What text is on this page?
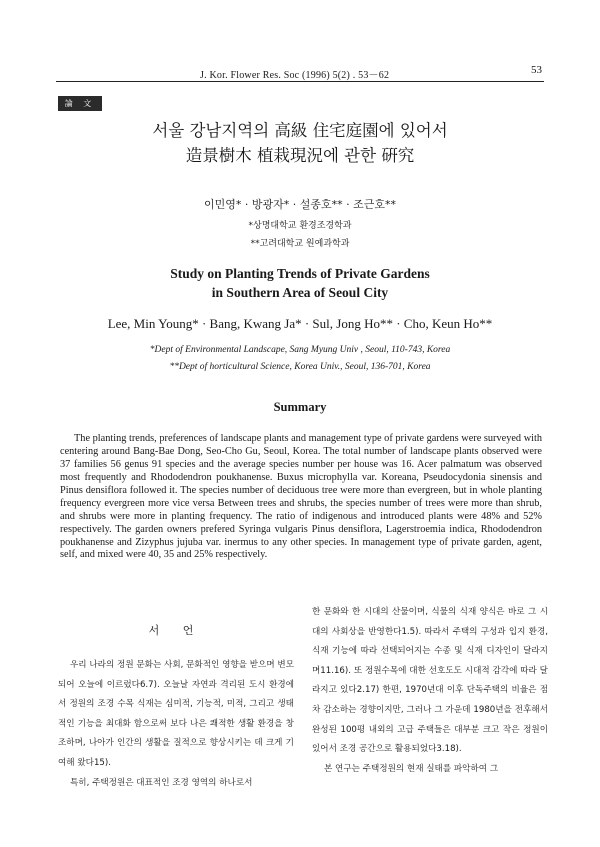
J. Kor. Flower Res. Soc (1996) 5(2) . 53－62	53
論 文
서울 강남지역의 高級 住宅庭園에 있어서
造景樹木 植栽現況에 관한 硏究
이민영* · 방광자* · 설종호** · 조근호**
*상명대학교 환경조경학과
**고려대학교 원예과학과
Study on Planting Trends of Private Gardens
in Southern Area of Seoul City
Lee, Min Young* · Bang, Kwang Ja* · Sul, Jong Ho** · Cho, Keun Ho**
*Dept of Environmental Landscape, Sang Myung Univ , Seoul, 110-743, Korea
**Dept of horticultural Science, Korea Univ., Seoul, 136-701, Korea
Summary

The planting trends, preferences of landscape plants and management type of private gardens were surveyed with centering around Bang-Bae Dong, Seo-Cho Gu, Seoul, Korea. The total number of landscape plants observed were 37 families 56 genus 91 species and the average species number per house was 16. Acer palmatum was observed most frequently and Rhododendron poukhanense. Buxus microphylla var. Koreana, Pseudocydonia sinensis and Pinus densiflora followed it. The species number of deciduous tree were more than evergreen, but in whole planting frequency evergreen more vice versa Between trees and shrubs, the species number of trees were more than shrub, and shrubs were more in planting frequency. The ratio of indigenous and introduced plants were 48% and 52% respectively. The garden owners prefered Syringa vulgaris Pinus densiflora, Lagerstroemia indica, Rhododendron poukhanense and Zizyphus jujuba var. inermus to any other species. In management type of private garden, agent, self, and mixed were 40, 35 and 25% respectively.

서 언

우리 나라의 정원 문화는 사회, 문화적인 영향을 받으며 변모되어 오늘에 이르렀다6.7). 오늘날 자연과 격리된 도시 환경에서 정원의 조경 수목 식재는 심미적, 기능적, 미적, 그리고 생태적인 기능을 최대화 함으로써 보다 나은 쾌적한 생활 환경을 창조하며, 나아가 인간의 생활을 질적으로 향상시키는 데 크게 기여해 왔다15).

특히, 주택정원은 대표적인 조경 영역의 하나로서

한 문화와 한 시대의 산물이며, 식물의 식재 양식은 바로 그 시대의 사회상을 반영한다1.5). 따라서 주택의 구성과 입지 환경, 식재 기능에 따라 선택되어지는 수종 및 식재 디자인이 달라지며11.16). 또 정원수목에 대한 선호도도 시대적 감각에 따라 달라지고 있다2.17) 한편, 1970년대 이후 단독주택의 비율은 점차 감소하는 경향이지만, 그러나 그 가운데 1980년을 전후해서 완성된 100평 내외의 고급 주택들은 대부분 크고 작은 정원이 있어서 조경 공간으로 활용되었다3.18).

본 연구는 주택정원의 현재 실태를 파악하여 그
